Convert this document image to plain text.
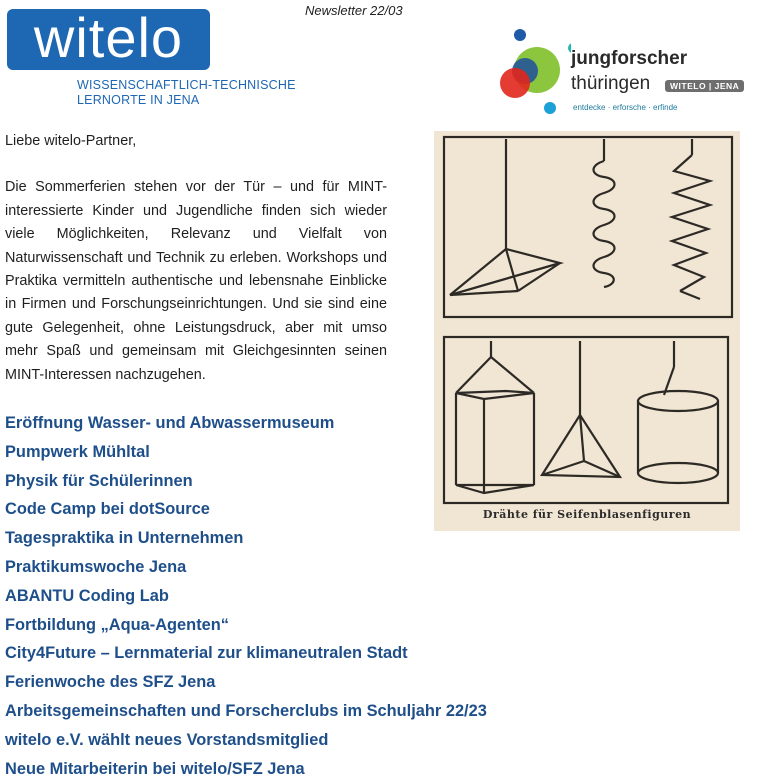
witelo
WISSENSCHAFTLICH-TECHNISCHE
LERNORTE IN JENA
Newsletter 22/03
jungforscher
thüringen	WITELO | JENA
entdecke · erforsche · erfinde

Liebe witelo-Partner,

Die Sommerferien stehen vor der Tür – und für MINT-interessierte Kinder und Jugendliche finden sich wieder viele Möglichkeiten, Relevanz und Vielfalt von Naturwissenschaft und Technik zu erleben. Workshops und Praktika vermitteln authentische und lebensnahe Einblicke in Firmen und Forschungseinrichtungen. Und sie sind eine gute Gelegenheit, ohne Leistungsdruck, aber mit umso mehr Spaß und gemeinsam mit Gleichgesinnten seinen MINT-Interessen nachzugehen.

Drähte für Seifenblasenfiguren
Eröffnung Wasser- und Abwassermuseum
Pumpwerk Mühltal
Physik für Schülerinnen
Code Camp bei dotSource
Tagespraktika in Unternehmen
Praktikumswoche Jena
ABANTU Coding Lab
Fortbildung „Aqua-Agenten“
City4Future – Lernmaterial zur klimaneutralen Stadt
Ferienwoche des SFZ Jena
Arbeitsgemeinschaften und Forscherclubs im Schuljahr 22/23
witelo e.V. wählt neues Vorstandsmitglied
Neue Mitarbeiterin bei witelo/SFZ Jena
